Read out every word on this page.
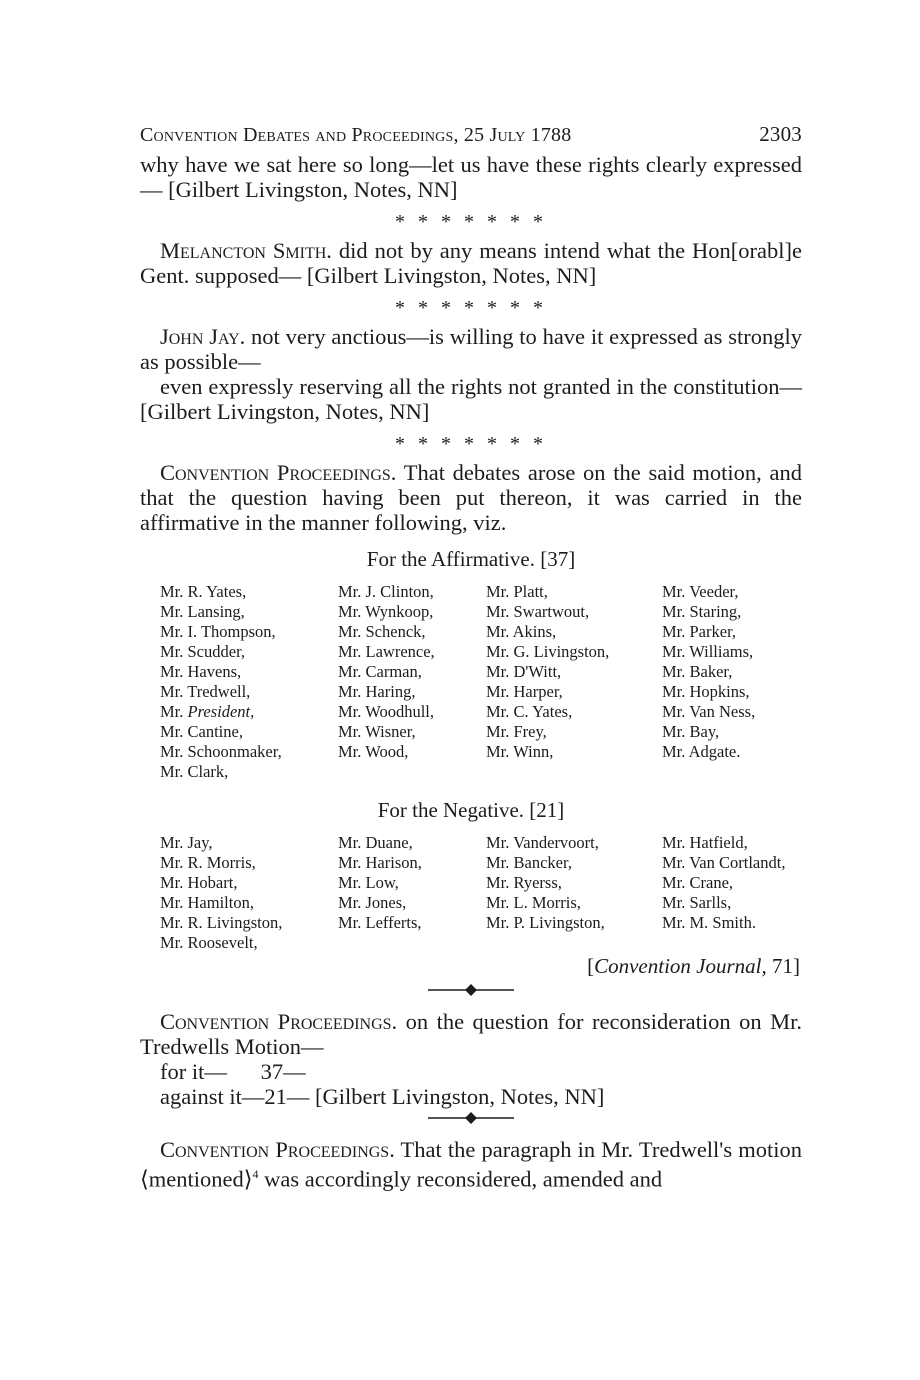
Convention Debates and Proceedings, 25 July 1788	2303

why have we sat here so long—let us have these rights clearly expressed— [Gilbert Livingston, Notes, NN]

* * * * * * *

Melancton Smith. did not by any means intend what the Hon[orabl]e Gent. supposed— [Gilbert Livingston, Notes, NN]

* * * * * * *

John Jay. not very anctious—is willing to have it expressed as strongly as possible—

even expressly reserving all the rights not granted in the constitution— [Gilbert Livingston, Notes, NN]

* * * * * * *

Convention Proceedings. That debates arose on the said motion, and that the question having been put thereon, it was carried in the affirmative in the manner following, viz.

For the Affirmative. [37]
Mr. R. Yates,
Mr. Lansing,
Mr. I. Thompson,
Mr. Scudder,
Mr. Havens,
Mr. Tredwell,
Mr. President,
Mr. Cantine,
Mr. Schoonmaker,
Mr. Clark,
Mr. J. Clinton,
Mr. Wynkoop,
Mr. Schenck,
Mr. Lawrence,
Mr. Carman,
Mr. Haring,
Mr. Woodhull,
Mr. Wisner,
Mr. Wood,
Mr. Platt,
Mr. Swartwout,
Mr. Akins,
Mr. G. Livingston,
Mr. D'Witt,
Mr. Harper,
Mr. C. Yates,
Mr. Frey,
Mr. Winn,
Mr. Veeder,
Mr. Staring,
Mr. Parker,
Mr. Williams,
Mr. Baker,
Mr. Hopkins,
Mr. Van Ness,
Mr. Bay,
Mr. Adgate.
For the Negative. [21]
Mr. Jay,
Mr. R. Morris,
Mr. Hobart,
Mr. Hamilton,
Mr. R. Livingston,
Mr. Roosevelt,
Mr. Duane,
Mr. Harison,
Mr. Low,
Mr. Jones,
Mr. Lefferts,
Mr. Vandervoort,
Mr. Bancker,
Mr. Ryerss,
Mr. L. Morris,
Mr. P. Livingston,
Mr. Hatfield,
Mr. Van Cortlandt,
Mr. Crane,
Mr. Sarlls,
Mr. M. Smith.
[Convention Journal, 71]

Convention Proceedings. on the question for reconsideration on Mr. Tredwells Motion—

for it—      37—
against it—21— [Gilbert Livingston, Notes, NN]

Convention Proceedings. That the paragraph in Mr. Tredwell's motion ⟨mentioned⟩$^4$ was accordingly reconsidered, amended and
